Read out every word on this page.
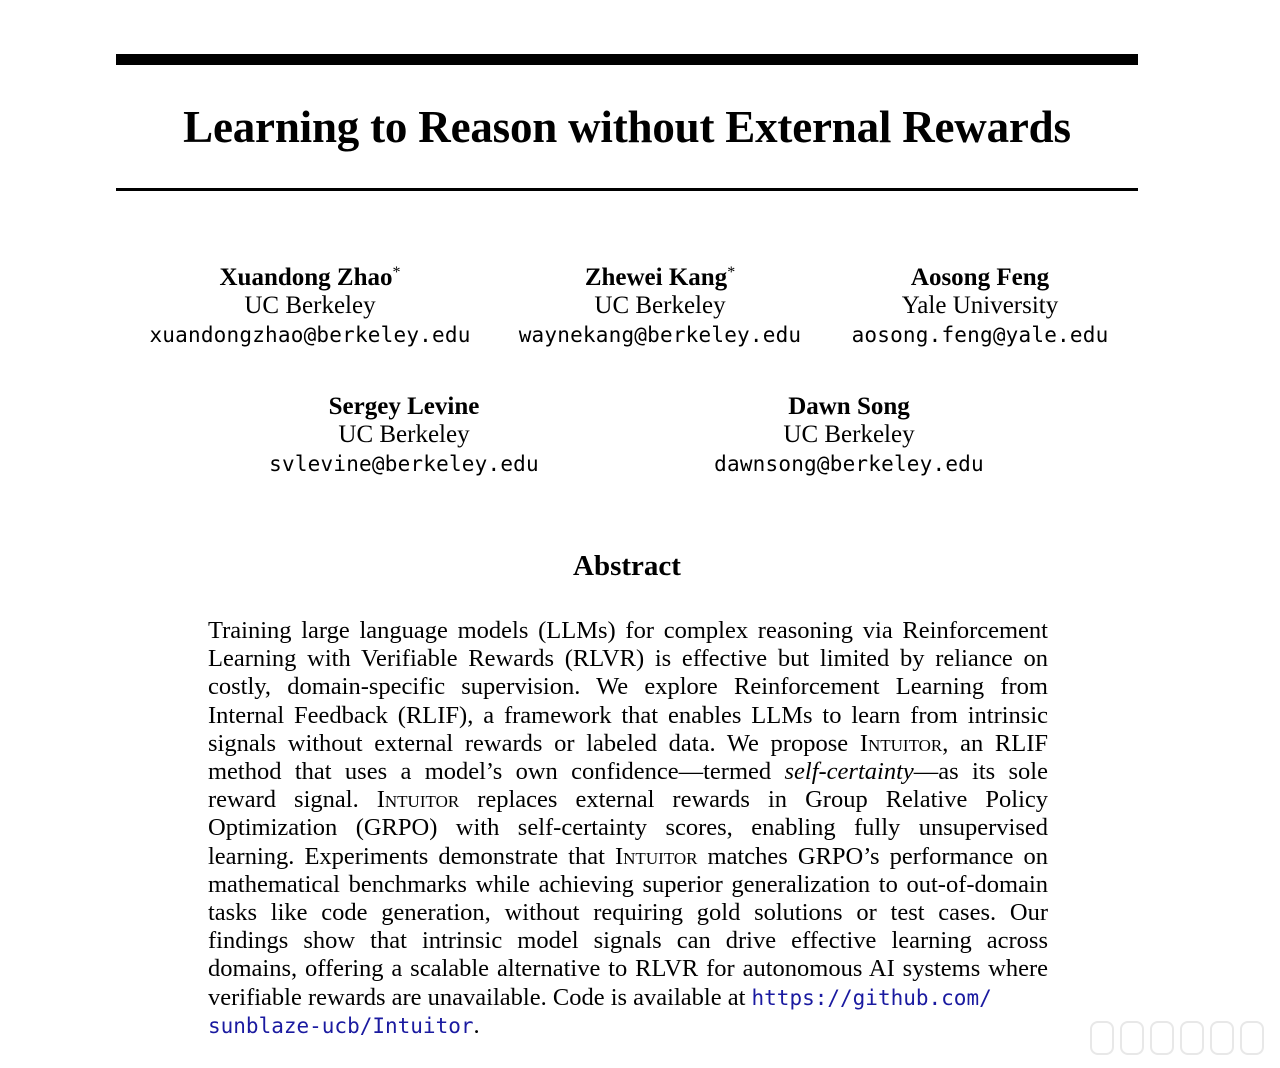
Learning to Reason without External Rewards
Xuandong Zhao*
UC Berkeley
xuandongzhao@berkeley.edu
Zhewei Kang*
UC Berkeley
waynekang@berkeley.edu
Aosong Feng
Yale University
aosong.feng@yale.edu
Sergey Levine
UC Berkeley
svlevine@berkeley.edu
Dawn Song
UC Berkeley
dawnsong@berkeley.edu
Abstract

Training large language models (LLMs) for complex reasoning via Reinforcement Learning with Verifiable Rewards (RLVR) is effective but limited by reliance on costly, domain-specific supervision. We explore Reinforcement Learning from Internal Feedback (RLIF), a framework that enables LLMs to learn from intrinsic signals without external rewards or labeled data. We propose Intuitor, an RLIF method that uses a model’s own confidence—termed self-certainty—as its sole reward signal. Intuitor replaces external rewards in Group Relative Policy Optimization (GRPO) with self-certainty scores, enabling fully unsupervised learning. Experiments demonstrate that Intuitor matches GRPO’s performance on mathematical benchmarks while achieving superior generalization to out-of-domain tasks like code generation, without requiring gold solutions or test cases. Our findings show that intrinsic model signals can drive effective learning across domains, offering a scalable alternative to RLVR for autonomous AI systems where verifiable rewards are unavailable. Code is available at https://github.com/
sunblaze-ucb/Intuitor.
